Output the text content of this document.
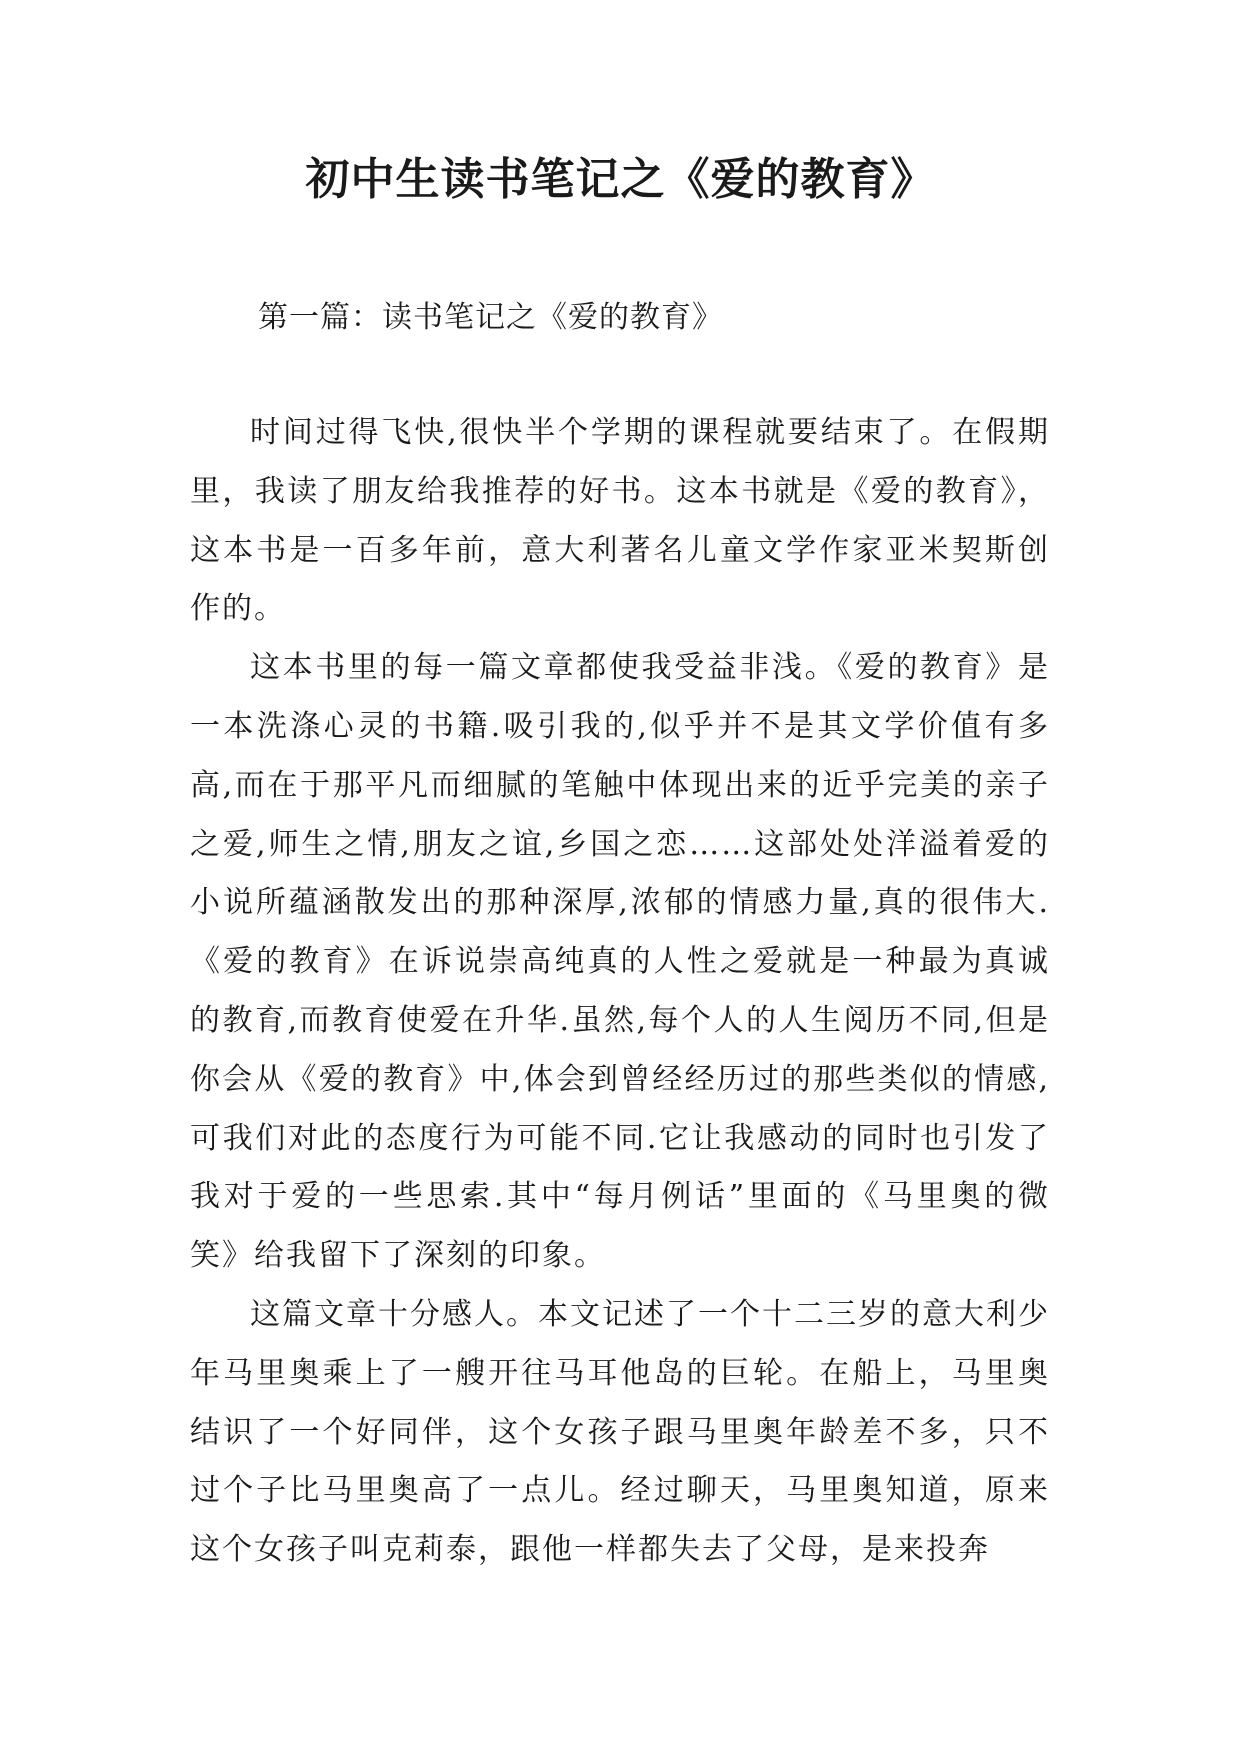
初中生读书笔记之《爱的教育》
第一篇：读书笔记之《爱的教育》

时间过得飞快,很快半个学期的课程就要结束了。在假期里，我读了朋友给我推荐的好书。这本书就是《爱的教育》，这本书是一百多年前，意大利著名儿童文学作家亚米契斯创作的。

这本书里的每一篇文章都使我受益非浅。《爱的教育》是一本洗涤心灵的书籍.吸引我的,似乎并不是其文学价值有多高,而在于那平凡而细腻的笔触中体现出来的近乎完美的亲子之爱,师生之情,朋友之谊,乡国之恋……这部处处洋溢着爱的小说所蕴涵散发出的那种深厚,浓郁的情感力量,真的很伟大.《爱的教育》在诉说崇高纯真的人性之爱就是一种最为真诚的教育,而教育使爱在升华.虽然,每个人的人生阅历不同,但是你会从《爱的教育》中,体会到曾经经历过的那些类似的情感,可我们对此的态度行为可能不同.它让我感动的同时也引发了我对于爱的一些思索.其中“每月例话”里面的《马里奥的微笑》给我留下了深刻的印象。

这篇文章十分感人。本文记述了一个十二三岁的意大利少年马里奥乘上了一艘开往马耳他岛的巨轮。在船上，马里奥结识了一个好同伴，这个女孩子跟马里奥年龄差不多，只不过个子比马里奥高了一点儿。经过聊天，马里奥知道，原来这个女孩子叫克莉泰，跟他一样都失去了父母，是来投奔
